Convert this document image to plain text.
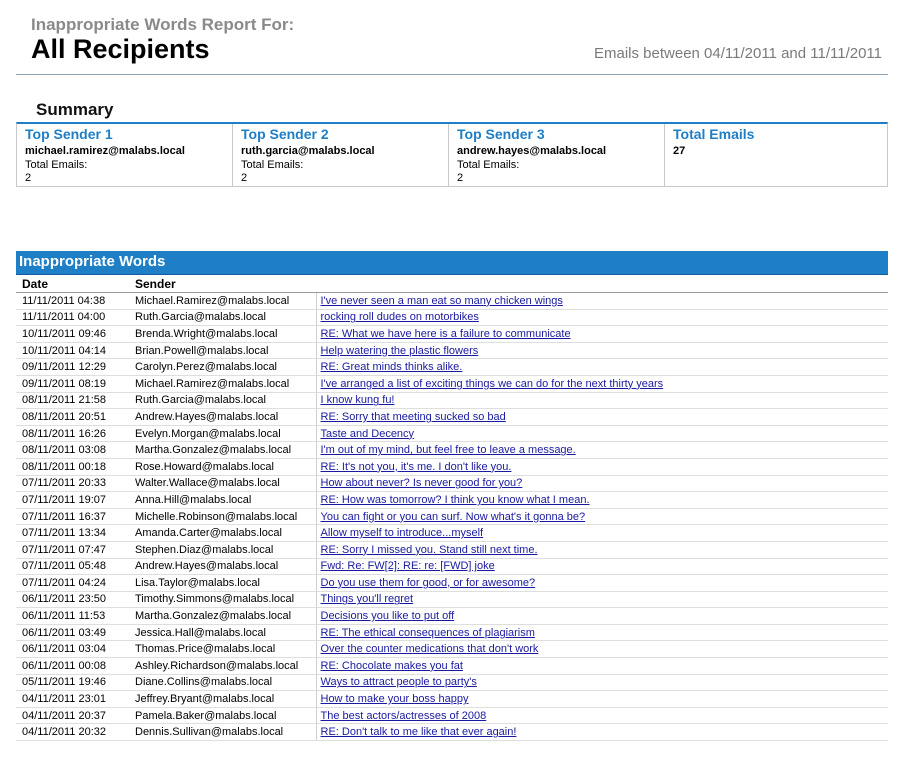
Inappropriate Words Report For:
All Recipients	Emails between 04/11/2011 and 11/11/2011
Summary
Top Sender 1
michael.ramirez@malabs.local
Total Emails:
2
Top Sender 2
ruth.garcia@malabs.local
Total Emails:
2
Top Sender 3
andrew.hayes@malabs.local
Total Emails:
2
Total Emails
27
Inappropriate Words
Date	Sender	
11/11/2011 04:38	Michael.Ramirez@malabs.local	I've never seen a man eat so many chicken wings
11/11/2011 04:00	Ruth.Garcia@malabs.local	rocking roll dudes on motorbikes
10/11/2011 09:46	Brenda.Wright@malabs.local	RE: What we have here is a failure to communicate
10/11/2011 04:14	Brian.Powell@malabs.local	Help watering the plastic flowers
09/11/2011 12:29	Carolyn.Perez@malabs.local	RE: Great minds thinks alike.
09/11/2011 08:19	Michael.Ramirez@malabs.local	I've arranged a list of exciting things we can do for the next thirty years
08/11/2011 21:58	Ruth.Garcia@malabs.local	I know kung fu!
08/11/2011 20:51	Andrew.Hayes@malabs.local	RE: Sorry that meeting sucked so bad
08/11/2011 16:26	Evelyn.Morgan@malabs.local	Taste and Decency
08/11/2011 03:08	Martha.Gonzalez@malabs.local	I'm out of my mind, but feel free to leave a message.
08/11/2011 00:18	Rose.Howard@malabs.local	RE: It's not you, it's me. I don't like you.
07/11/2011 20:33	Walter.Wallace@malabs.local	How about never? Is never good for you?
07/11/2011 19:07	Anna.Hill@malabs.local	RE: How was tomorrow? I think you know what I mean.
07/11/2011 16:37	Michelle.Robinson@malabs.local	You can fight or you can surf. Now what's it gonna be?
07/11/2011 13:34	Amanda.Carter@malabs.local	Allow myself to introduce...myself
07/11/2011 07:47	Stephen.Diaz@malabs.local	RE: Sorry I missed you. Stand still next time.
07/11/2011 05:48	Andrew.Hayes@malabs.local	Fwd: Re: FW[2]: RE: re: [FWD] joke
07/11/2011 04:24	Lisa.Taylor@malabs.local	Do you use them for good, or for awesome?
06/11/2011 23:50	Timothy.Simmons@malabs.local	Things you'll regret
06/11/2011 11:53	Martha.Gonzalez@malabs.local	Decisions you like to put off
06/11/2011 03:49	Jessica.Hall@malabs.local	RE: The ethical consequences of plagiarism
06/11/2011 03:04	Thomas.Price@malabs.local	Over the counter medications that don't work
06/11/2011 00:08	Ashley.Richardson@malabs.local	RE: Chocolate makes you fat
05/11/2011 19:46	Diane.Collins@malabs.local	Ways to attract people to party's
04/11/2011 23:01	Jeffrey.Bryant@malabs.local	How to make your boss happy
04/11/2011 20:37	Pamela.Baker@malabs.local	The best actors/actresses of 2008
04/11/2011 20:32	Dennis.Sullivan@malabs.local	RE: Don't talk to me like that ever again!
